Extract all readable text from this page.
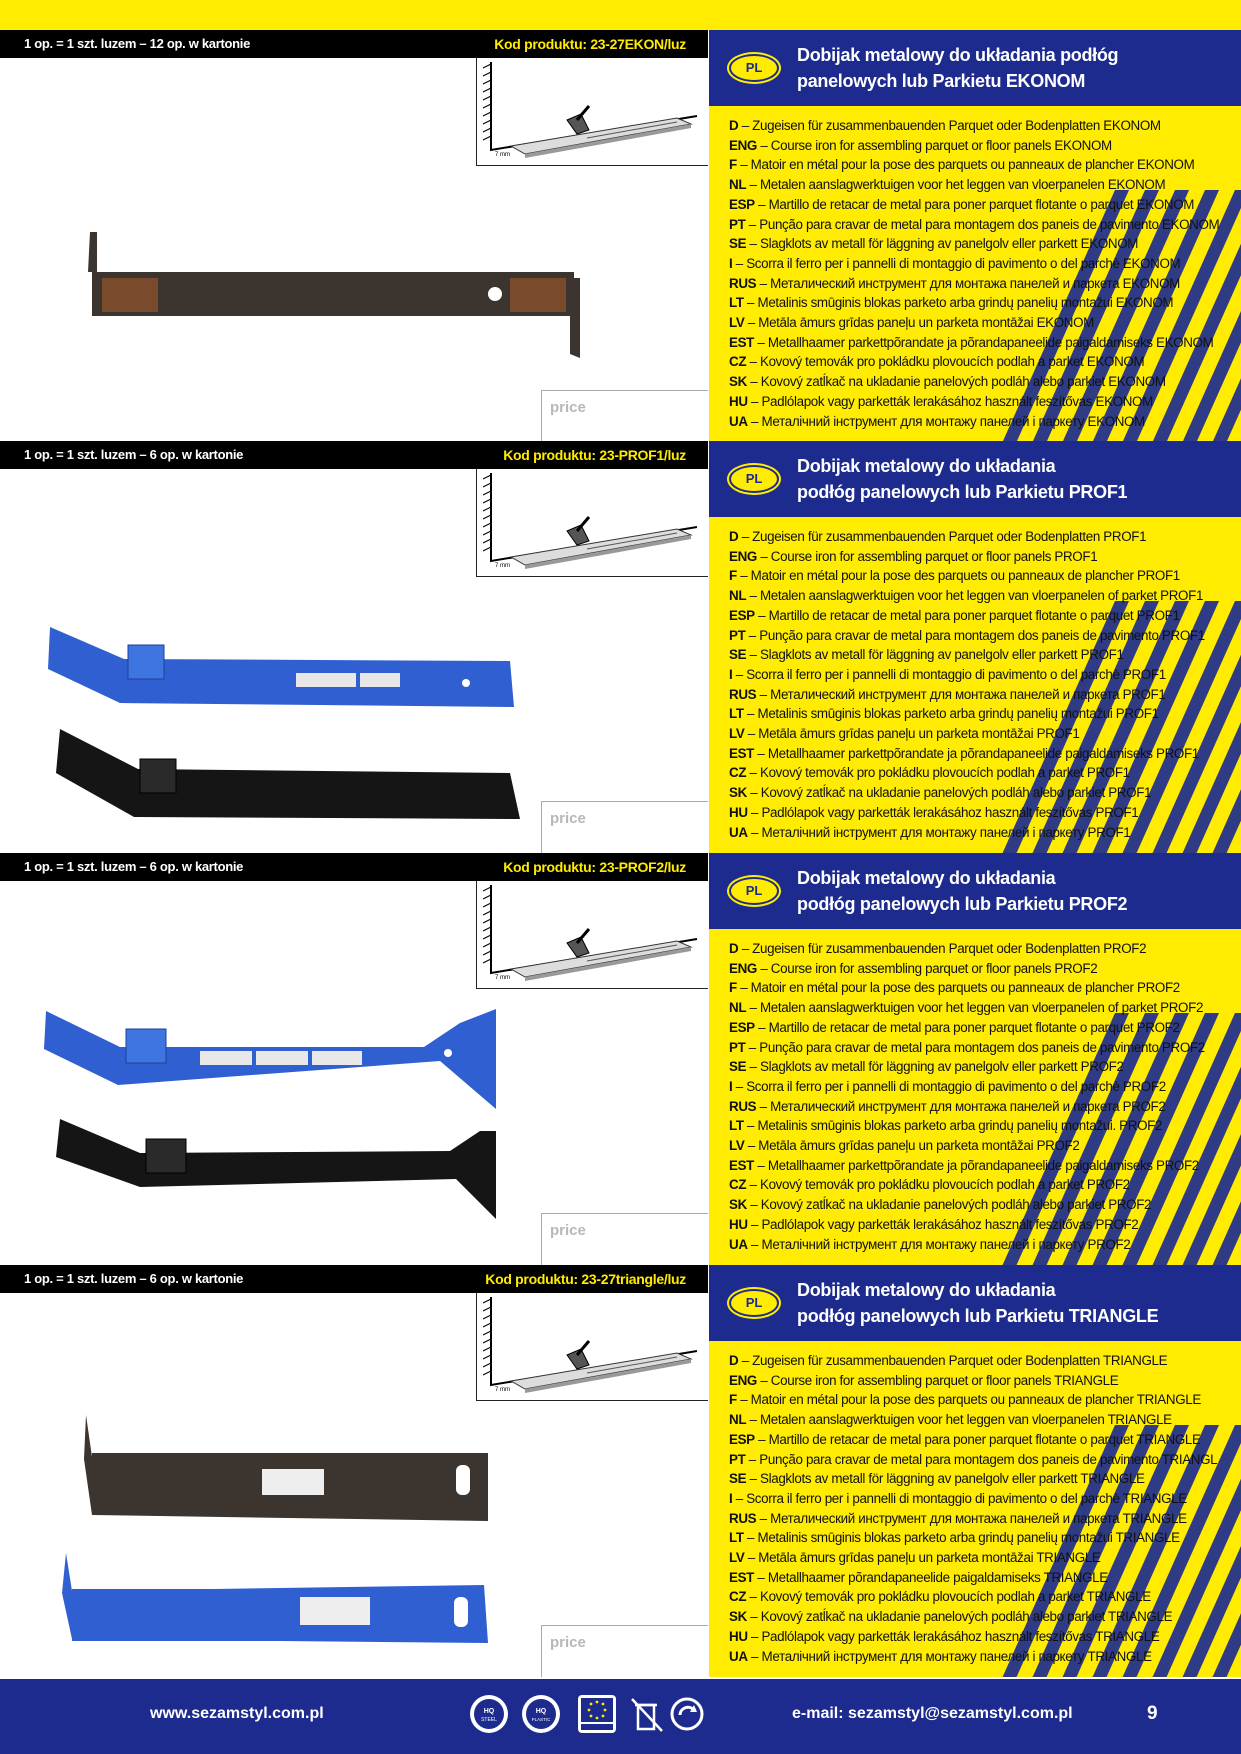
1 op. = 1 szt. luzem – 12 op. w kartonie	Kod produktu: 23-27EKON/luz
7 mm
price
PL
Dobijak metalowy do układania podłóg
panelowych lub Parkietu EKONOM
D – Zugeisen für zusammenbauenden Parquet oder Bodenplatten EKONOM
ENG – Course iron for assembling parquet or floor panels EKONOM
F – Matoir en métal pour la pose des parquets ou panneaux de plancher EKONOM
NL – Metalen aanslagwerktuigen voor het leggen van vloerpanelen EKONOM
ESP – Martillo de retacar de metal para poner parquet flotante o parquet EKONOM
PT – Punção para cravar de metal para montagem dos paneis de pavimento EKONOM
SE – Slagklots av metall för läggning av panelgolv eller parkett EKONOM
I – Scorra il ferro per i pannelli di montaggio di pavimento o del parchè EKONOM
RUS – Металический инструмент для монтажа панелей и паркета EKONOM
LT – Metalinis smūginis blokas parketo arba grindų panelių montažui EKONOM
LV – Metāla āmurs grīdas paneļu un parketa montāžai EKONOM
EST – Metallhaamer parkettpõrandate ja põrandapaneelide paigaldamiseks EKONOM
CZ – Kovový temovák pro pokládku plovoucích podlah a parket EKONOM
SK – Kovový zatĺkač na ukladanie panelových podláh alebo parkiet EKONOM
HU – Padlólapok vagy parketták lerakásához használt feszítővas EKONOM
UA – Металічний інструмент для монтажу панелей і паркету EKONOM
1 op. = 1 szt. luzem – 6 op. w kartonie	Kod produktu: 23-PROF1/luz
7 mm
price
PL
Dobijak metalowy do układania
podłóg panelowych lub Parkietu PROF1
D – Zugeisen für zusammenbauenden Parquet oder Bodenplatten PROF1
ENG – Course iron for assembling parquet or floor panels PROF1
F – Matoir en métal pour la pose des parquets ou panneaux de plancher PROF1
NL – Metalen aanslagwerktuigen voor het leggen van vloerpanelen of parket PROF1
ESP – Martillo de retacar de metal para poner parquet flotante o parquet PROF1
PT – Punção para cravar de metal para montagem dos paneis de pavimento PROF1
SE – Slagklots av metall för läggning av panelgolv eller parkett PROF1
I – Scorra il ferro per i pannelli di montaggio di pavimento o del parchè PROF1
RUS – Металический инструмент для монтажа панелей и паркета PROF1
LT – Metalinis smūginis blokas parketo arba grindų panelių montažui PROF1
LV – Metāla āmurs grīdas paneļu un parketa montāžai PROF1
EST – Metallhaamer parkettpõrandate ja põrandapaneelide paigaldamiseks PROF1
CZ – Kovový temovák pro pokládku plovoucích podlah a parket PROF1
SK – Kovový zatĺkač na ukladanie panelových podláh alebo parkiet PROF1
HU – Padlólapok vagy parketták lerakásához használt feszítővas PROF1
UA – Металічний інструмент для монтажу панелей і паркету PROF1
1 op. = 1 szt. luzem – 6 op. w kartonie	Kod produktu: 23-PROF2/luz
7 mm
price
PL
Dobijak metalowy do układania
podłóg panelowych lub Parkietu PROF2
D – Zugeisen für zusammenbauenden Parquet oder Bodenplatten PROF2
ENG – Course iron for assembling parquet or floor panels PROF2
F – Matoir en métal pour la pose des parquets ou panneaux de plancher PROF2
NL – Metalen aanslagwerktuigen voor het leggen van vloerpanelen of parket PROF2
ESP – Martillo de retacar de metal para poner parquet flotante o parquet PROF2
PT – Punção para cravar de metal para montagem dos paneis de pavimento PROF2
SE – Slagklots av metall för läggning av panelgolv eller parkett PROF2
I – Scorra il ferro per i pannelli di montaggio di pavimento o del parchè PROF2
RUS – Металический инструмент для монтажа панелей и паркета PROF2
LT – Metalinis smūginis blokas parketo arba grindų panelių montažui. PROF2
LV – Metāla āmurs grīdas paneļu un parketa montāžai PROF2
EST – Metallhaamer parkettpõrandate ja põrandapaneelide paigaldamiseks PROF2
CZ – Kovový temovák pro pokládku plovoucích podlah a parket PROF2
SK – Kovový zatĺkač na ukladanie panelových podláh alebo parkiet PROF2
HU – Padlólapok vagy parketták lerakásához használt feszítővas PROF2
UA – Металічний інструмент для монтажу панелей і паркету PROF2
1 op. = 1 szt. luzem – 6 op. w kartonie	Kod produktu: 23-27triangle/luz
7 mm
price
PL
Dobijak metalowy do układania
podłóg panelowych lub Parkietu TRIANGLE
D – Zugeisen für zusammenbauenden Parquet oder Bodenplatten TRIANGLE
ENG – Course iron for assembling parquet or floor panels TRIANGLE
F – Matoir en métal pour la pose des parquets ou panneaux de plancher TRIANGLE
NL – Metalen aanslagwerktuigen voor het leggen van vloerpanelen TRIANGLE
ESP – Martillo de retacar de metal para poner parquet flotante o parquet TRIANGLE
PT – Punção para cravar de metal para montagem dos paneis de pavimento TRIANGL
SE – Slagklots av metall för läggning av panelgolv eller parkett TRIANGLE
I – Scorra il ferro per i pannelli di montaggio di pavimento o del parchè TRIANGLE
RUS – Металический инструмент для монтажа панелей и паркета TRIANGLE
LT – Metalinis smūginis blokas parketo arba grindų panelių montažui TRIANGLE
LV – Metāla āmurs grīdas paneļu un parketa montāžai TRIANGLE
EST – Metallhaamer põrandapaneelide paigaldamiseks TRIANGLE
CZ – Kovový temovák pro pokládku plovoucích podlah a parket TRIANGLE
SK – Kovový zatĺkač na ukladanie panelových podláh alebo parkiet TRIANGLE
HU – Padlólapok vagy parketták lerakásához használt feszítővas TRIANGLE
UA – Металічний інструмент для монтажу панелей і паркету TRIANGLE
www.sezamstyl.com.pl	HQ
STEEL
HQ
PLASTIC	e-mail: sezamstyl@sezamstyl.com.pl	9
